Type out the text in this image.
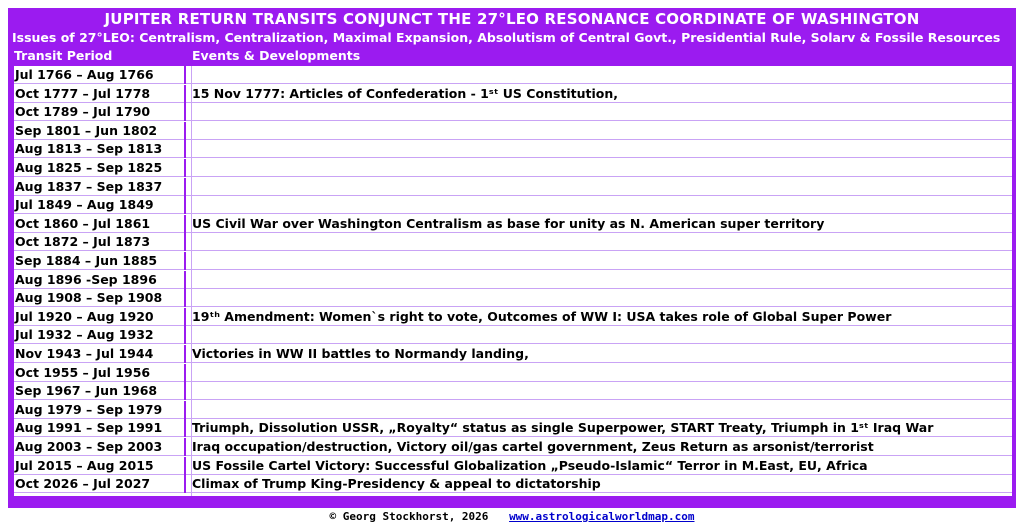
JUPITER RETURN TRANSITS CONJUNCT THE 27°LEO RESONANCE COORDINATE OF WASHINGTON
Issues of 27°LEO: Centralism, Centralization, Maximal Expansion, Absolutism of Central Govt., Presidential Rule, Solarv & Fossile Resources
Transit Period	Events & Developments
Jul 1766 – Aug 1766
Oct 1777 – Jul 1778	15 Nov 1777: Articles of Confederation - 1ˢᵗ US Constitution,
Oct 1789 – Jul 1790
Sep 1801 – Jun 1802
Aug 1813 – Sep 1813
Aug 1825 – Sep 1825
Aug 1837 – Sep 1837
Jul 1849 – Aug 1849
Oct 1860 – Jul 1861	US Civil War over Washington Centralism as base for unity as N. American super territory
Oct 1872 – Jul 1873
Sep 1884 – Jun 1885
Aug 1896 -Sep 1896
Aug 1908 – Sep 1908
Jul 1920 – Aug 1920	19ᵗʰ Amendment: Women`s right to vote, Outcomes of WW I: USA takes role of Global Super Power
Jul 1932 – Aug 1932
Nov 1943 – Jul 1944	Victories in WW II battles to Normandy landing,
Oct 1955 – Jul 1956
Sep 1967 – Jun 1968
Aug 1979 – Sep 1979
Aug 1991 – Sep 1991	Triumph, Dissolution USSR, „Royalty“ status as single Superpower, START Treaty, Triumph in 1ˢᵗ Iraq War
Aug 2003 – Sep 2003	Iraq occupation/destruction, Victory oil/gas cartel government, Zeus Return as arsonist/terrorist
Jul 2015 – Aug 2015	US Fossile Cartel Victory: Successful Globalization „Pseudo-Islamic“ Terror in M.East, EU, Africa
Oct 2026 – Jul 2027	Climax of Trump King-Presidency & appeal to dictatorship
© Georg Stockhorst, 2026 www.astrologicalworldmap.com
